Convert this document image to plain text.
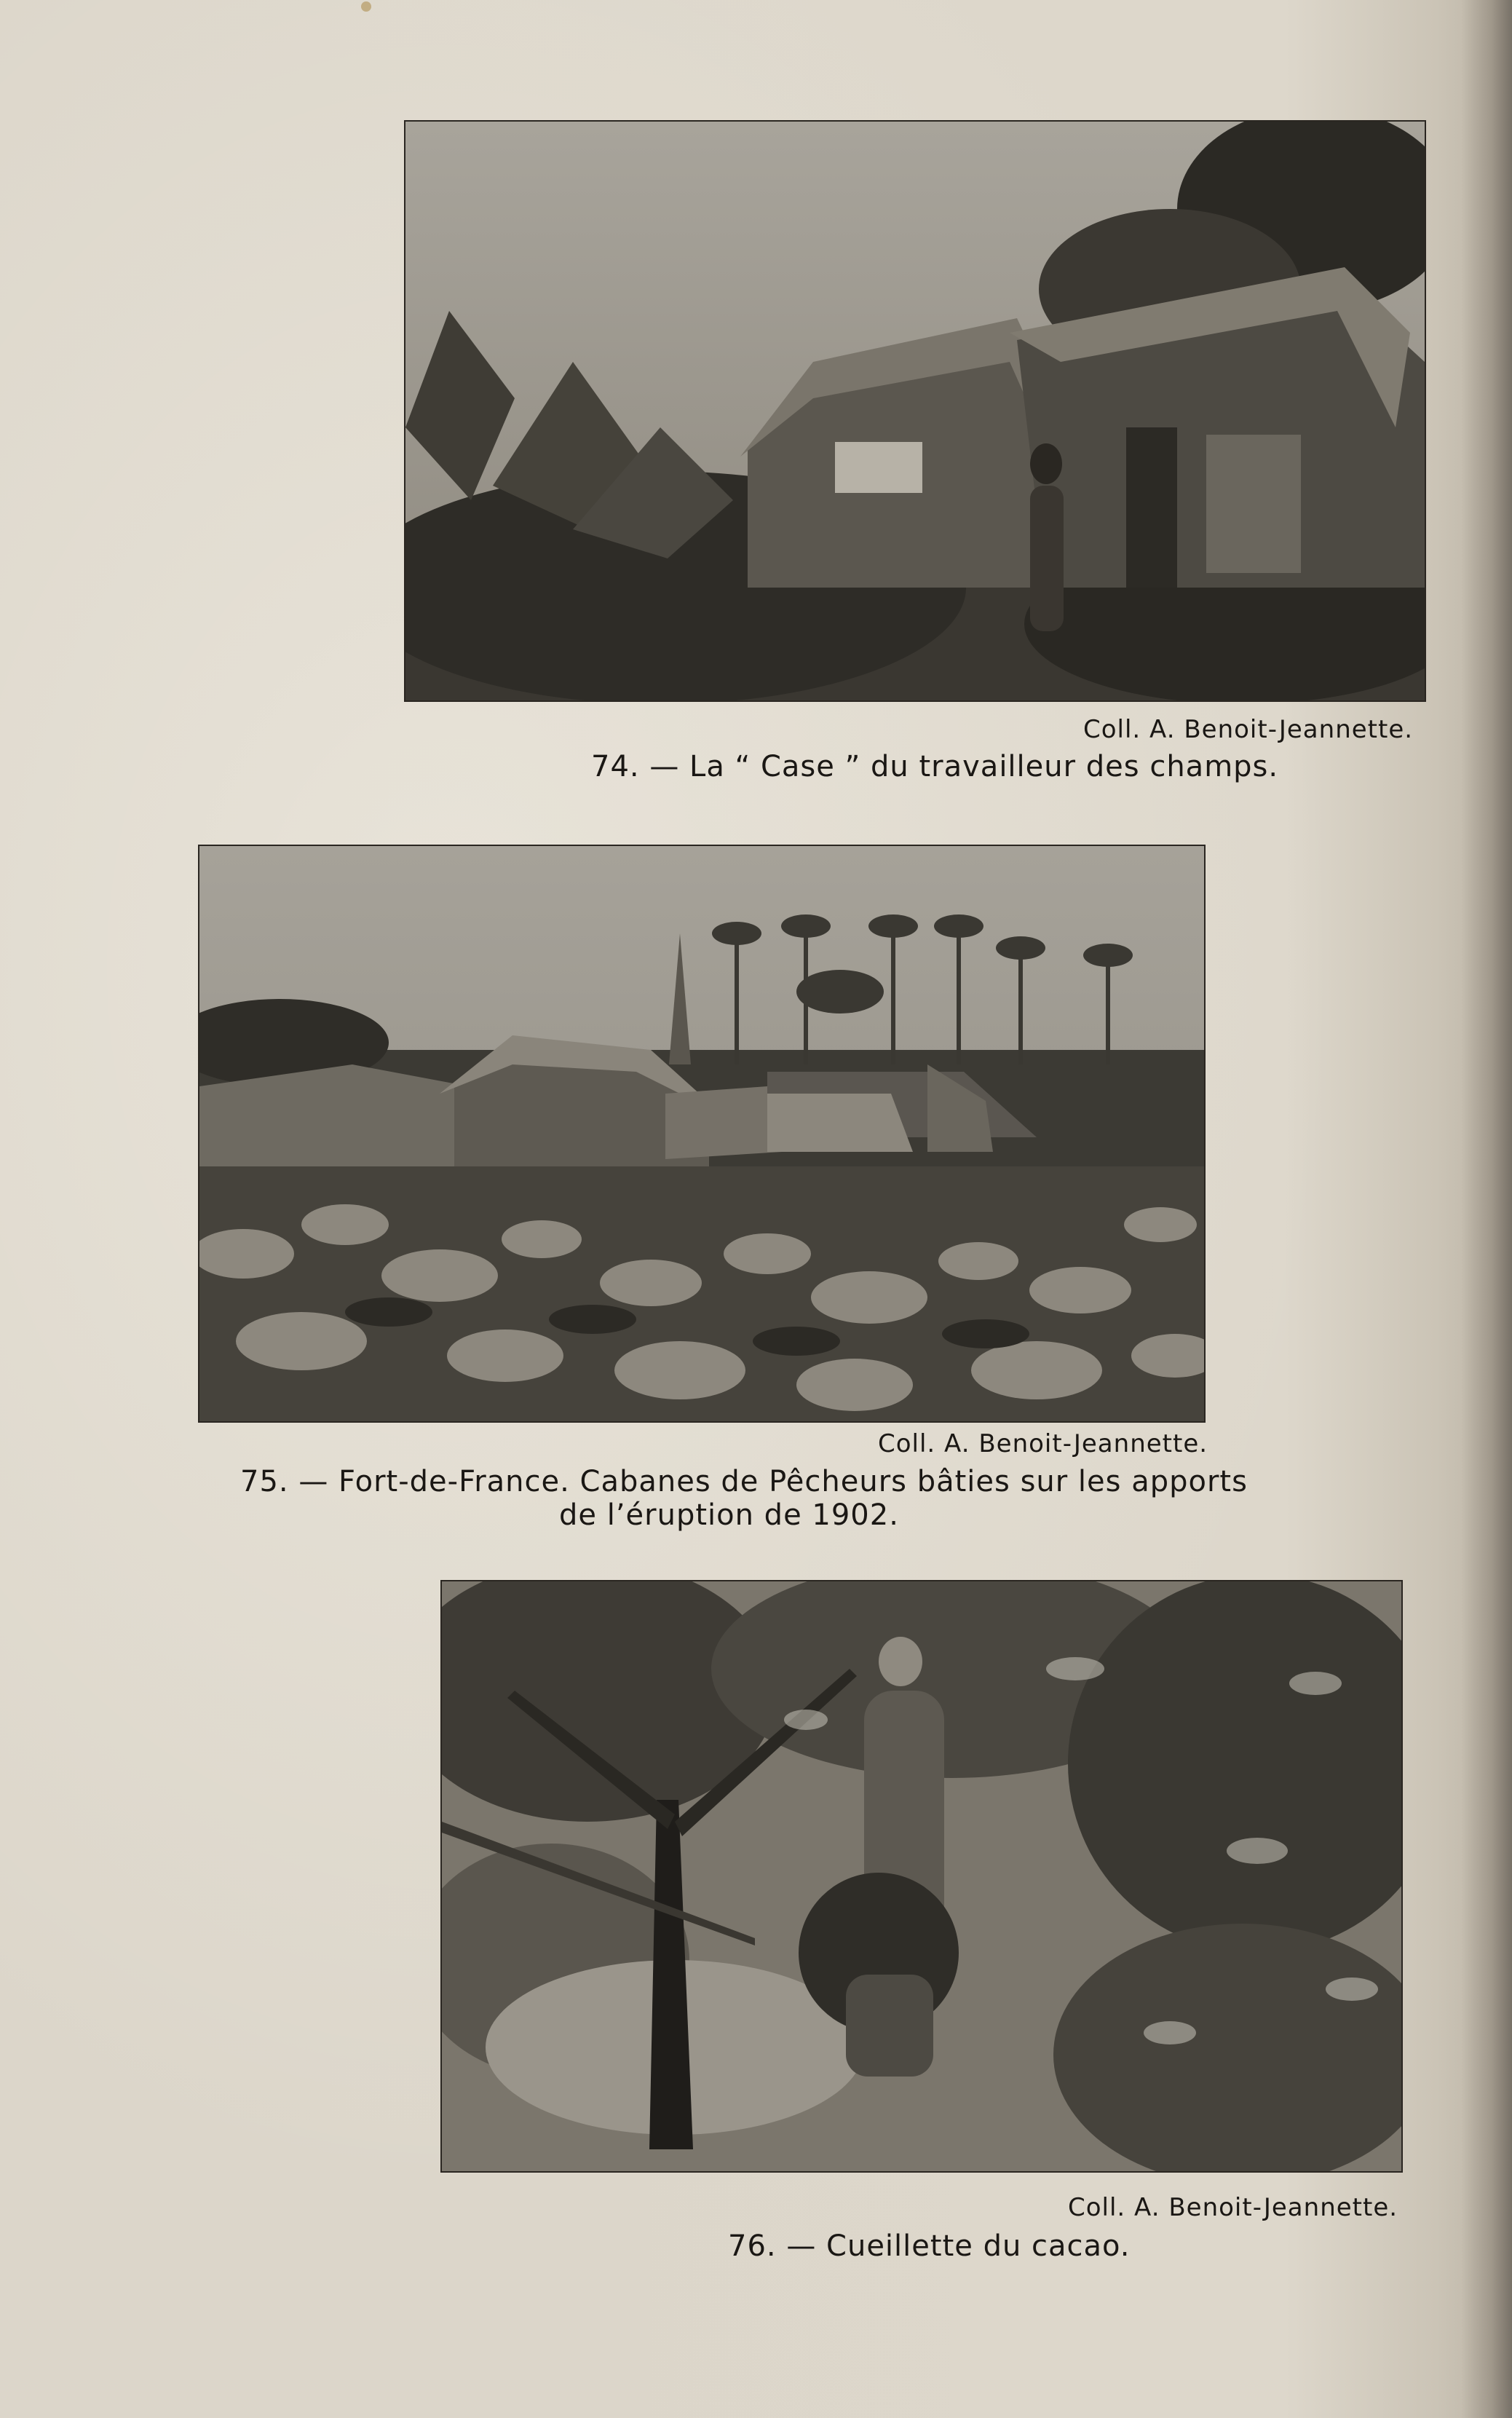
Coll. A. Benoit-Jeannette.
74. — La “ Case ” du travailleur des champs.
Coll. A. Benoit-Jeannette.
75. — Fort-de-France. Cabanes de Pêcheurs bâties sur les apports
de l’éruption de 1902.
Coll. A. Benoit-Jeannette.
76. — Cueillette du cacao.
